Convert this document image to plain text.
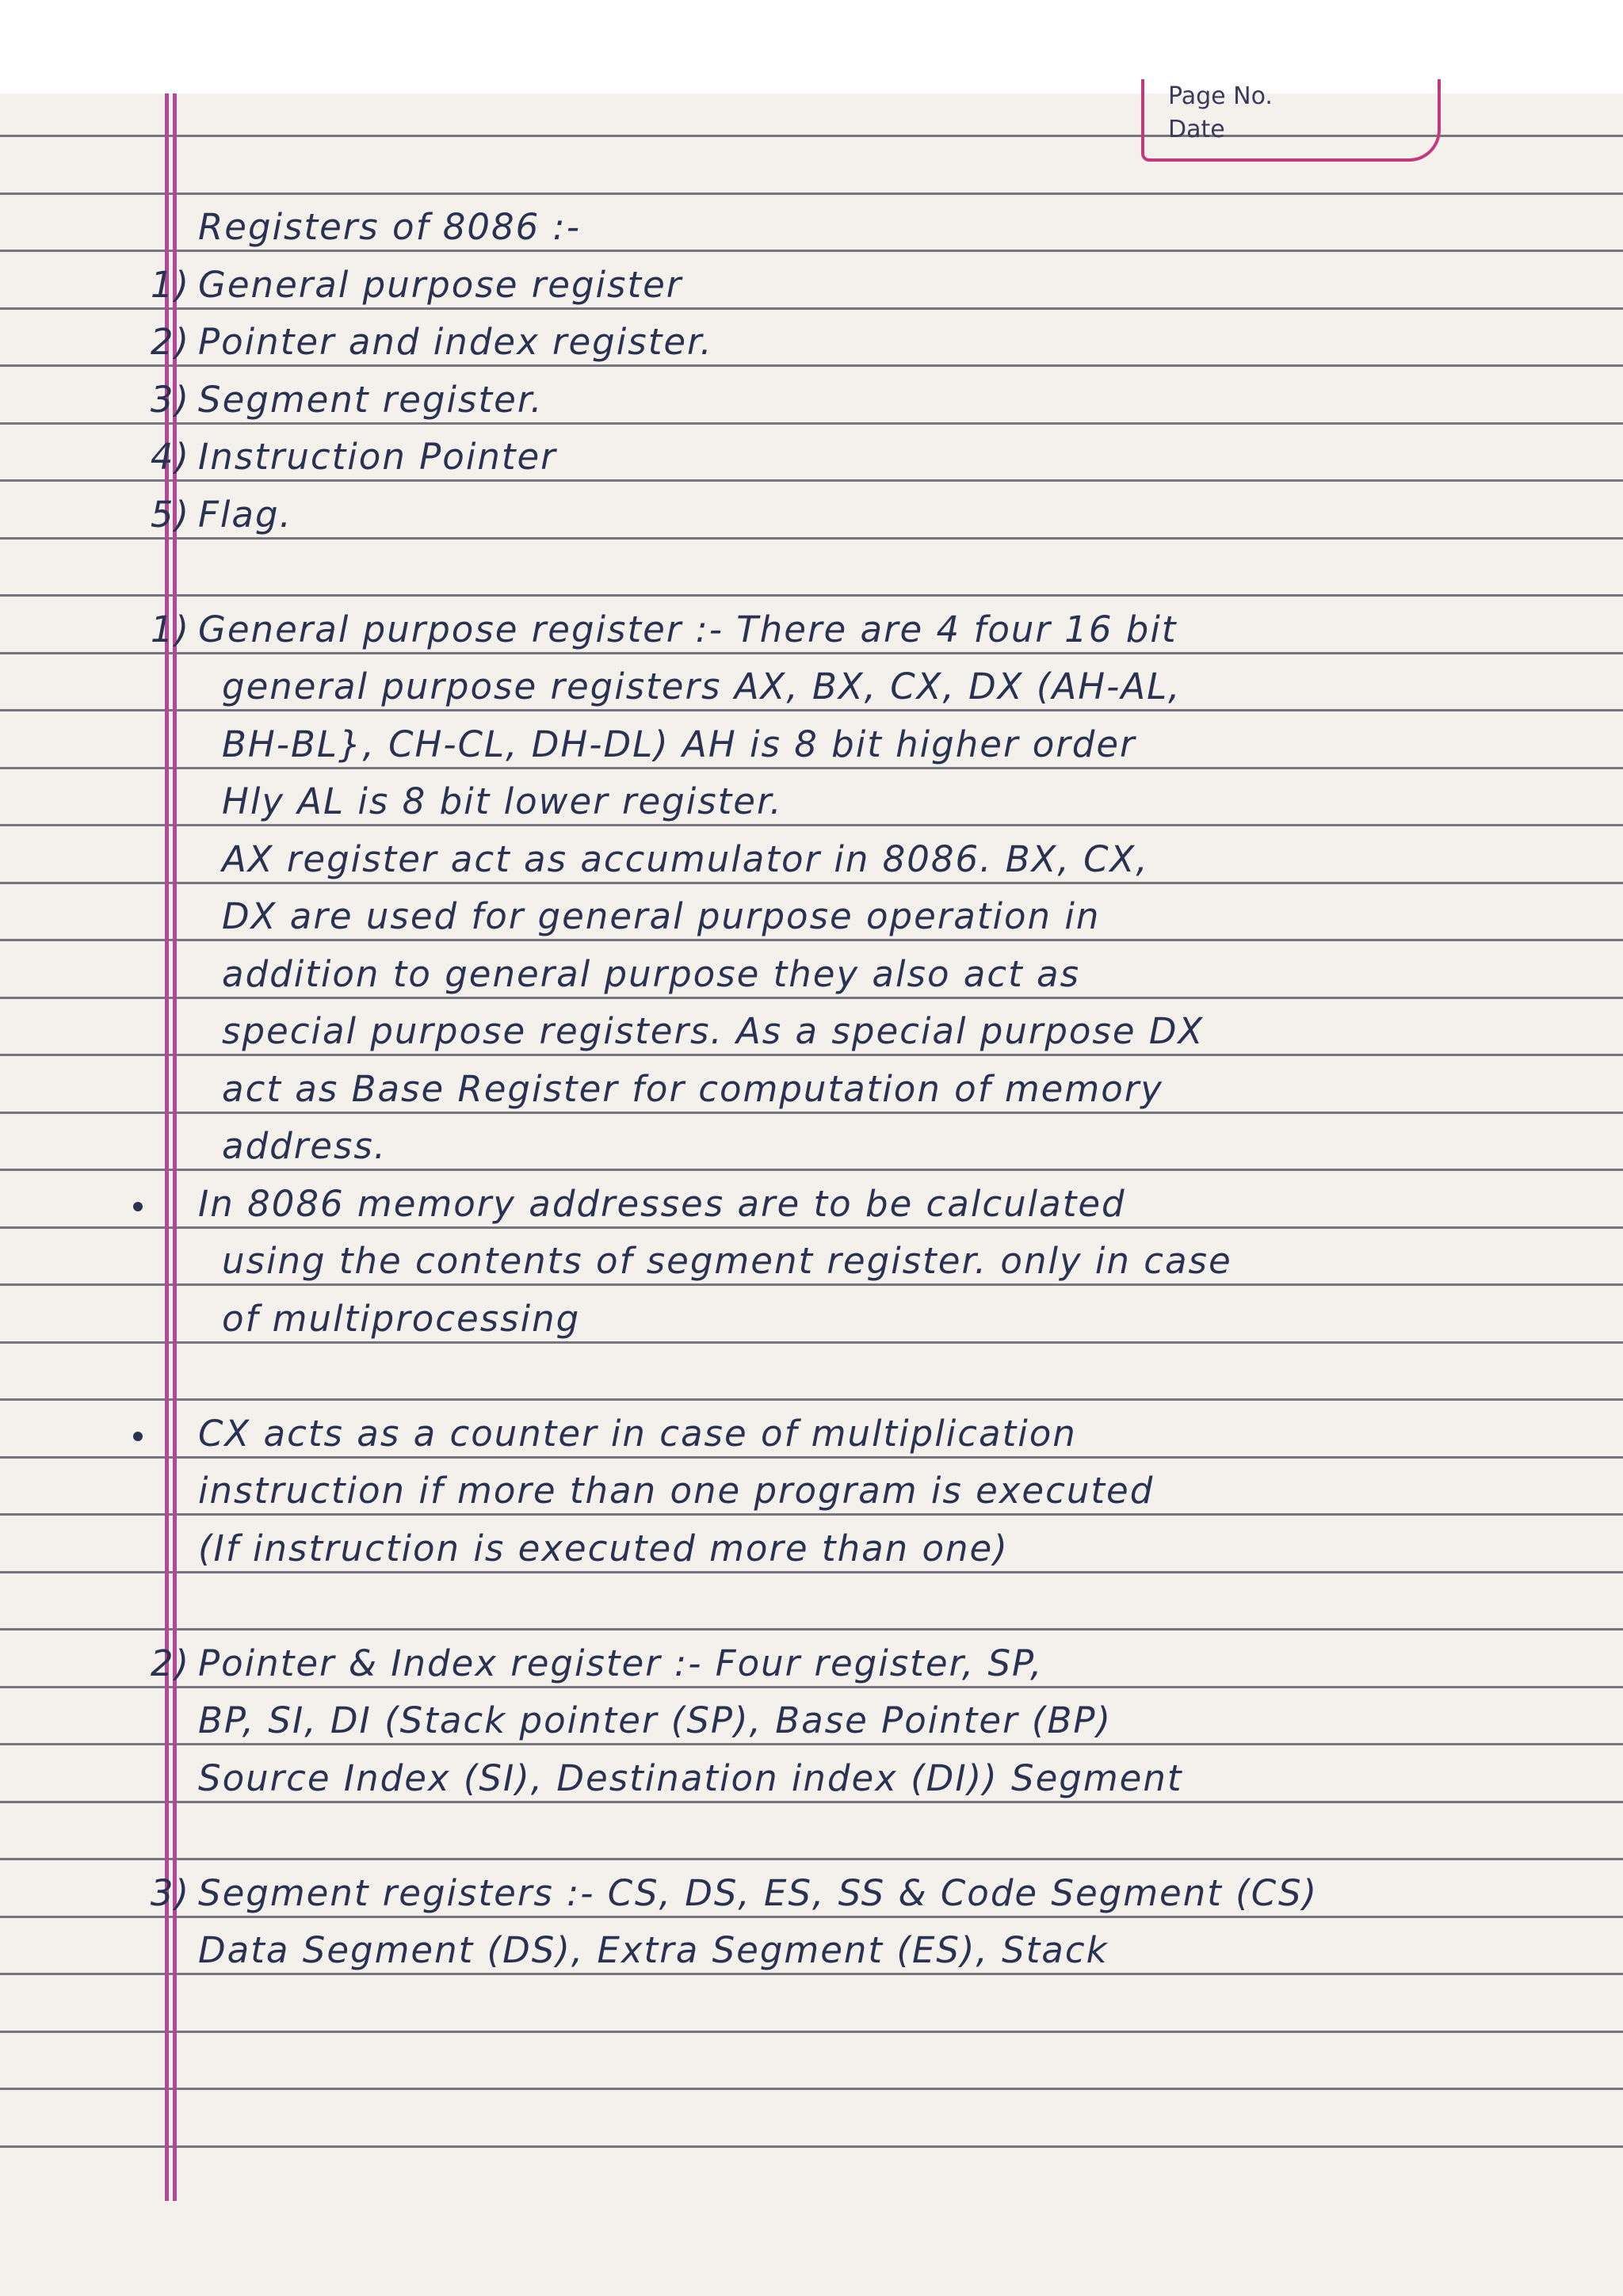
Page No.
Date
Registers of 8086 :-
1) General purpose register
2) Pointer and index register.
3) Segment register.
4) Instruction Pointer
5) Flag.
1) General purpose register :- There are 4 four 16 bit
general purpose registers AX, BX, CX, DX (AH-AL,
BH-BL}, CH-CL, DH-DL) AH is 8 bit higher order
Hly AL is 8 bit lower register.
AX register act as accumulator in 8086. BX, CX,
DX are used for general purpose operation in
addition to general purpose they also act as
special purpose registers. As a special purpose DX
act as Base Register for computation of memory
address.
In 8086 memory addresses are to be calculated
using the contents of segment register. only in case
of multiprocessing
CX acts as a counter in case of multiplication
instruction if more than one program is executed
(If instruction is executed more than one)
2) Pointer & Index register :- Four register, SP,
BP, SI, DI (Stack pointer (SP), Base Pointer (BP)
Source Index (SI), Destination index (DI)) Segment
3) Segment registers :- CS, DS, ES, SS & Code Segment (CS)
Data Segment (DS), Extra Segment (ES), Stack
